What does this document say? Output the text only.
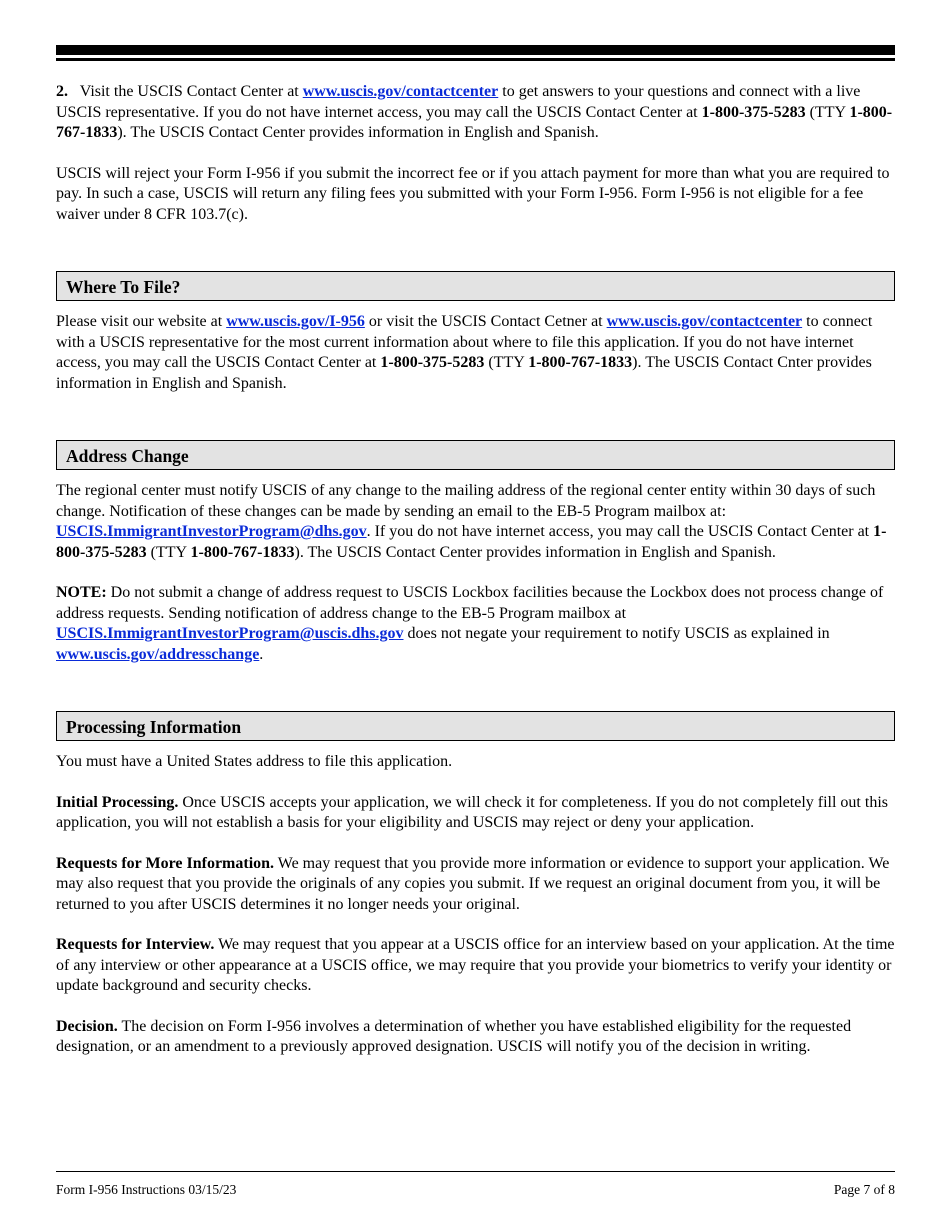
2. Visit the USCIS Contact Center at www.uscis.gov/contactcenter to get answers to your questions and connect with a live USCIS representative. If you do not have internet access, you may call the USCIS Contact Center at 1-800-375-5283 (TTY 1-800-767-1833). The USCIS Contact Center provides information in English and Spanish.

USCIS will reject your Form I-956 if you submit the incorrect fee or if you attach payment for more than what you are required to pay. In such a case, USCIS will return any filing fees you submitted with your Form I-956. Form I-956 is not eligible for a fee waiver under 8 CFR 103.7(c).

Where To File?

Please visit our website at www.uscis.gov/I-956 or visit the USCIS Contact Cetner at www.uscis.gov/contactcenter to connect with a USCIS representative for the most current information about where to file this application. If you do not have internet access, you may call the USCIS Contact Center at 1-800-375-5283 (TTY 1-800-767-1833). The USCIS Contact Cnter provides information in English and Spanish.

Address Change

The regional center must notify USCIS of any change to the mailing address of the regional center entity within 30 days of such change. Notification of these changes can be made by sending an email to the EB-5 Program mailbox at: USCIS.ImmigrantInvestorProgram@dhs.gov. If you do not have internet access, you may call the USCIS Contact Center at 1-800-375-5283 (TTY 1-800-767-1833). The USCIS Contact Center provides information in English and Spanish.

NOTE: Do not submit a change of address request to USCIS Lockbox facilities because the Lockbox does not process change of address requests. Sending notification of address change to the EB-5 Program mailbox at USCIS.ImmigrantInvestorProgram@uscis.dhs.gov does not negate your requirement to notify USCIS as explained in www.uscis.gov/addresschange.

Processing Information

You must have a United States address to file this application.

Initial Processing. Once USCIS accepts your application, we will check it for completeness. If you do not completely fill out this application, you will not establish a basis for your eligibility and USCIS may reject or deny your application.

Requests for More Information. We may request that you provide more information or evidence to support your application. We may also request that you provide the originals of any copies you submit. If we request an original document from you, it will be returned to you after USCIS determines it no longer needs your original.

Requests for Interview. We may request that you appear at a USCIS office for an interview based on your application. At the time of any interview or other appearance at a USCIS office, we may require that you provide your biometrics to verify your identity or update background and security checks.

Decision. The decision on Form I-956 involves a determination of whether you have established eligibility for the requested designation, or an amendment to a previously approved designation. USCIS will notify you of the decision in writing.

Form I-956 Instructions 03/15/23	Page 7 of 8
